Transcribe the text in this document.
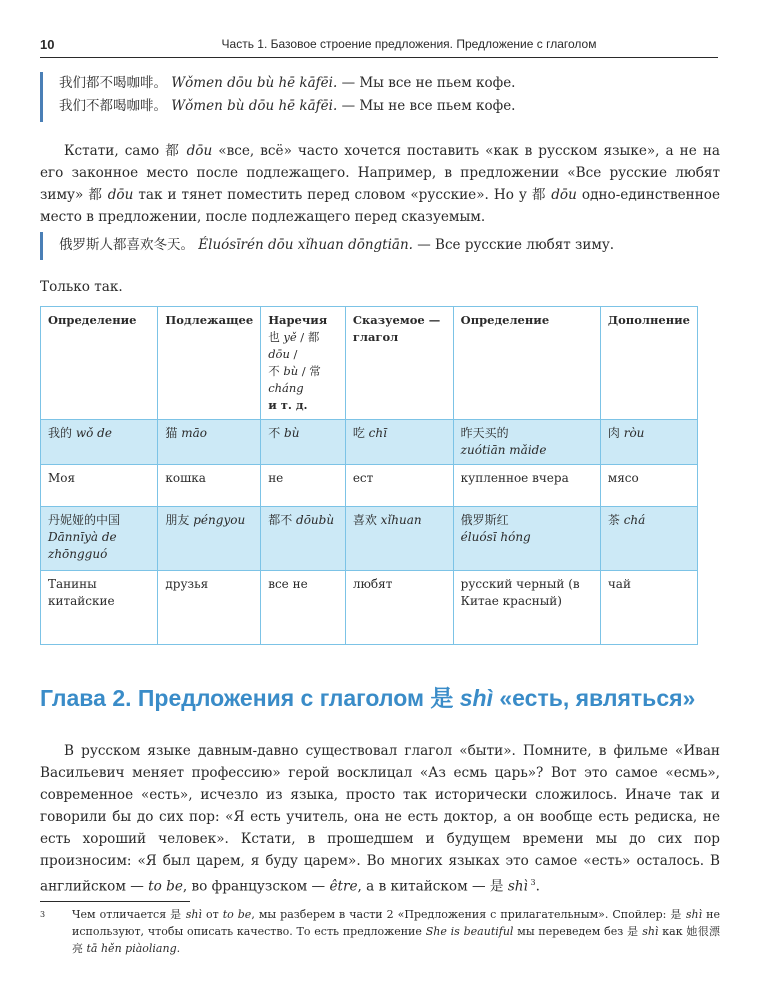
10	Часть 1. Базовое строение предложения. Предложение с глаголом
我们都不喝咖啡。 Wǒmen dōu bù hē kāfēi. — Мы все не пьем кофе.
我们不都喝咖啡。 Wǒmen bù dōu hē kāfēi. — Мы не все пьем кофе.

Кстати, само 都 dōu «все, всё» часто хочется поставить «как в русском языке», а не на его законное место после подлежащего. Например, в предложении «Все русские любят зиму» 都 dōu так и тянет поместить перед словом «русские». Но у 都 dōu одно-единственное место в предложении, после подлежащего перед сказуемым.

俄罗斯人都喜欢冬天。 Éluósīrén dōu xǐhuan dōngtiān. — Все русские любят зиму.

Только так.

Определение	Подлежащее	Наречия
也 yě / 都 dōu /
不 bù / 常 cháng
и т. д.	Сказуемое — глагол	Определение	Дополнение
我的 wǒ de	猫 māo	不 bù	吃 chī	昨天买的
zuótiān mǎide	肉 ròu
Моя	кошка	не	ест	купленное вчера	мясо
丹妮娅的中国
Dānnīyà de zhōngguó	朋友 péngyou	都不 dōubù	喜欢 xǐhuan	俄罗斯红
éluósī hóng	茶 chá
Танины китайские	друзья	все не	любят	русский черный (в Китае красный)	чай
Глава 2. Предложения с глаголом 是 shì «есть, являться»

В русском языке давным-давно существовал глагол «быти». Помните, в фильме «Иван Васильевич меняет профессию» герой восклицал «Аз есмь царь»? Вот это самое «есмь», современное «есть», исчезло из языка, просто так исторически сложилось. Иначе так и говорили бы до сих пор: «Я есть учитель, она не есть доктор, а он вообще есть редиска, не есть хороший человек». Кстати, в прошедшем и будущем времени мы до сих пор произносим: «Я был царем, я буду царем». Во многих языках это самое «есть» осталось. В английском — to be, во французском — être, а в китайском — 是 shì $^3$.

3 Чем отличается 是 shì от to be, мы разберем в части 2 «Предложения с прилагательным». Спойлер: 是 shì не используют, чтобы описать качество. То есть предложение She is beautiful мы переведем без 是 shì как 她很漂亮 tā hěn piàoliang.
